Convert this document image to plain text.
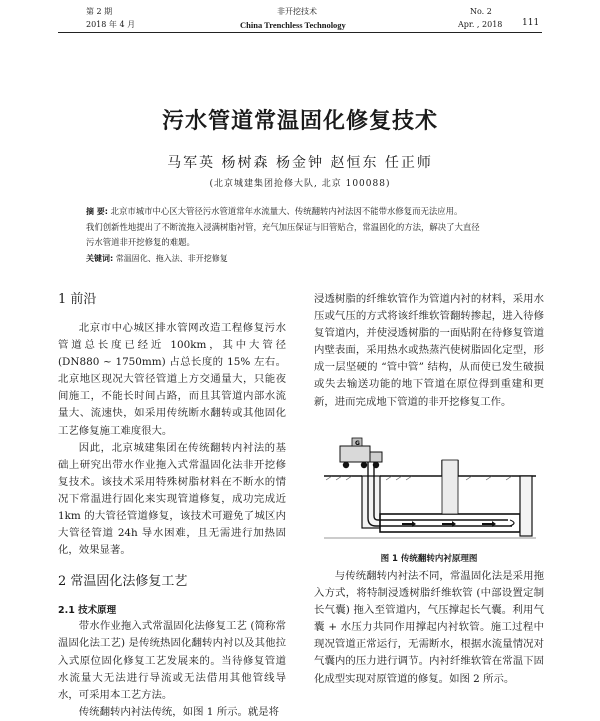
第 2 期
2018 年 4 月
非开挖技术
China Trenchless Technology
No. 2
Apr. , 2018 111
污水管道常温固化修复技术
马军英 杨树森 杨金钟 赵恒东 任正师
(北京城建集团抢修大队, 北京 100088)

摘 要: 北京市城市中心区大管径污水管道常年水流量大、传统翻转内衬法因不能带水修复而无法应用。

我们创新性地提出了不断流拖入浸满树脂衬管，充气加压保证与旧管贴合，常温固化的方法，解决了大直径

污水管道非开挖修复的难题。

关键词: 常温固化、拖入法、非开挖修复

1 前沿

北京市中心城区排水管网改造工程修复污水管道总长度已经近 100km，其中大管径 (DN880 ~ 1750mm) 占总长度的 15% 左右。北京地区现况大管径管道上方交通量大，只能夜间施工，不能长时间占路，而且其管道内部水流量大、流速快，如采用传统断水翻转或其他固化工艺修复施工难度很大。

因此，北京城建集团在传统翻转内衬法的基础上研究出带水作业拖入式常温固化法非开挖修复技术。该技术采用特殊树脂材料在不断水的情况下常温进行固化来实现管道修复，成功完成近 1km 的大管径管道修复，该技术可避免了城区内大管径管道 24h 导水困难，且无需进行加热固化，效果显著。

2 常温固化法修复工艺

2.1 技术原理

带水作业拖入式常温固化法修复工艺 (简称常温固化法工艺) 是传统热固化翻转内衬以及其他拉入式原位固化修复工艺发展来的。当待修复管道水流量大无法进行导流或无法借用其他管线导水，可采用本工艺方法。

传统翻转内衬法传统，如图 1 所示。就是将

浸透树脂的纤维软管作为管道内衬的材料，采用水压或气压的方式将该纤维软管翻转掺起，进入待修复管道内，并使浸透树脂的一面贴附在待修复管道内壁表面，采用热水或热蒸汽使树脂固化定型，形成一层坚硬的 “管中管” 结构，从而使已发生破损或失去输送功能的地下管道在原位得到重建和更新，进而完成地下管道的非开挖修复工作。

G
图 1 传统翻转内衬原理图

与传统翻转内衬法不同，常温固化法是采用拖入方式，将特制浸透树脂纤维软管 (中部设置定制长气囊) 拖入至管道内，气压撑起长气囊。利用气囊 + 水压力共同作用撑起内衬软管。施工过程中现况管道正常运行，无需断水，根据水流量情况对气囊内的压力进行调节。内衬纤维软管在常温下固化成型实现对原管道的修复。如图 2 所示。
